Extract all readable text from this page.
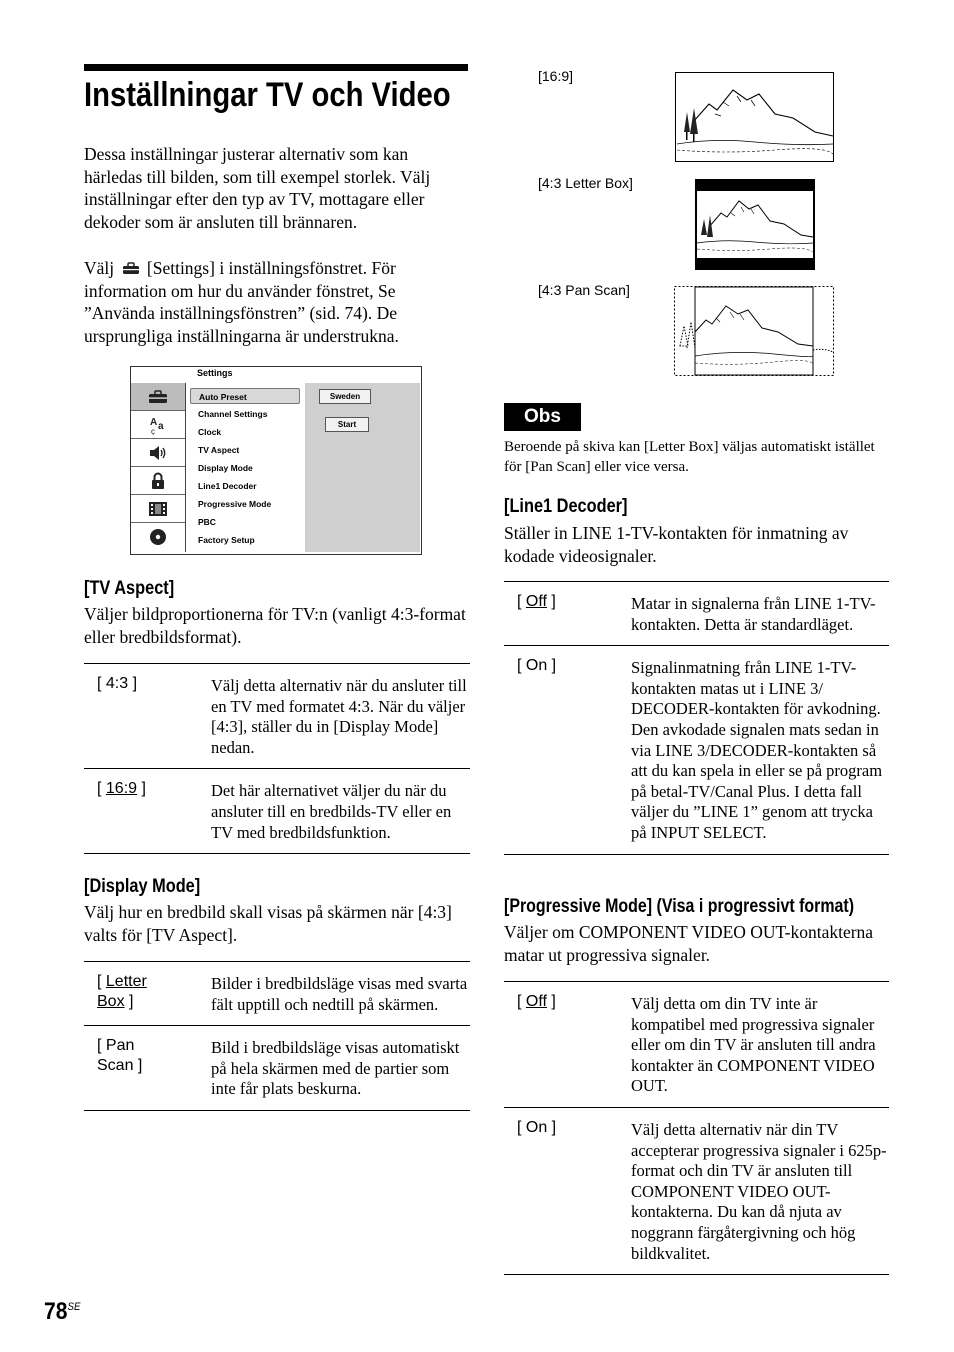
Inställningar TV och Video
Dessa inställningar justerar alternativ som kan härledas till bilden, som till exempel storlek. Välj inställningar efter den typ av TV, mottagare eller dekoder som är ansluten till brännaren.
Välj [Settings] i inställningsfönstret. För information om hur du använder fönstret, Se ”Använda inställningsfönstren” (sid. 74). De ursprungliga inställningarna är understrukna.
Settings
A a
ç
Auto Preset
Channel Settings
Clock
TV Aspect
Display Mode
Line1 Decoder
Progressive Mode
PBC
Factory Setup
Sweden
Start
[TV Aspect]
Väljer bildproportionerna för TV:n (vanligt 4:3-format eller bredbildsformat).
[ 4:3 ]	Välj detta alternativ när du ansluter till en TV med formatet 4:3. När du väljer [4:3], ställer du in [Display Mode] nedan.
[ 16:9 ]	Det här alternativet väljer du när du ansluter till en bredbilds-TV eller en TV med bredbildsfunktion.
[Display Mode]
Välj hur en bredbild skall visas på skärmen när [4:3] valts för [TV Aspect].
[ Letter Box ]	Bilder i bredbildsläge visas med svarta fält upptill och nedtill på skärmen.
[ Pan Scan ]	Bild i bredbildsläge visas automatiskt på hela skärmen med de partier som inte får plats beskurna.
[16:9]
[4:3 Letter Box]
[4:3 Pan Scan]
Obs
Beroende på skiva kan [Letter Box] väljas automatiskt istället för [Pan Scan] eller vice versa.
[Line1 Decoder]
Ställer in LINE 1-TV-kontakten för inmatning av kodade videosignaler.
[ Off ]	Matar in signalerna från LINE 1-TV-kontakten. Detta är standardläget.
[ On ]	Signalinmatning från LINE 1-TV-kontakten matas ut i LINE 3/ DECODER-kontakten för avkodning. Den avkodade signalen mats sedan in via LINE 3/DECODER-kontakten så att du kan spela in eller se på program på betal-TV/Canal Plus. I detta fall väljer du ”LINE 1” genom att trycka på INPUT SELECT.
[Progressive Mode] (Visa i progressivt format)
Väljer om COMPONENT VIDEO OUT-kontakterna matar ut progressiva signaler.
[ Off ]	Välj detta om din TV inte är kompatibel med progressiva signaler eller om din TV är ansluten till andra kontakter än COMPONENT VIDEO OUT.
[ On ]	Välj detta alternativ när din TV accepterar progressiva signaler i 625p-format och din TV är ansluten till COMPONENT VIDEO OUT-kontakterna. Du kan då njuta av noggrann färgåtergivning och hög bildkvalitet.
$78^{SE}$
